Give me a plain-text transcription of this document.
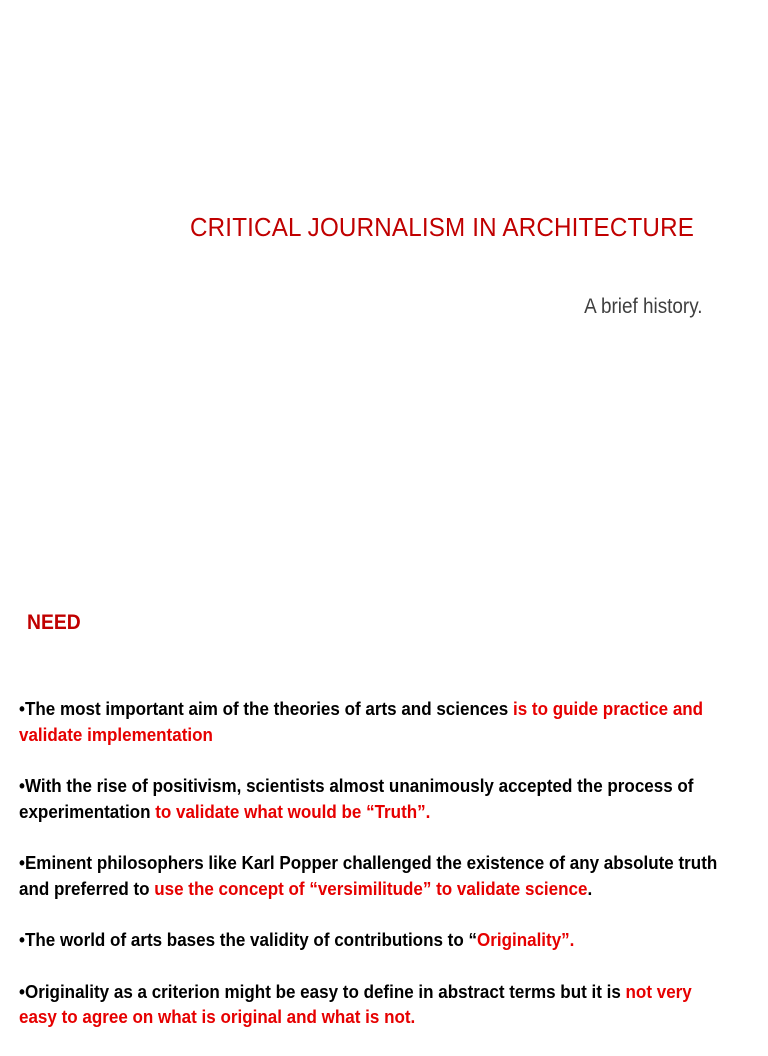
CRITICAL JOURNALISM IN ARCHITECTURE
A brief history.
NEED
•The most important aim of the theories of arts and sciences is to guide practice and validate implementation
•With the rise of positivism, scientists almost unanimously accepted the process of experimentation to validate what would be “Truth”.
•Eminent philosophers like Karl Popper challenged the existence of any absolute truth and preferred to use the concept of “versimilitude” to validate science.
•The world of arts bases the validity of contributions to “Originality”.
•Originality as a criterion might be easy to define in abstract terms but it is not very easy to agree on what is original and what is not.
